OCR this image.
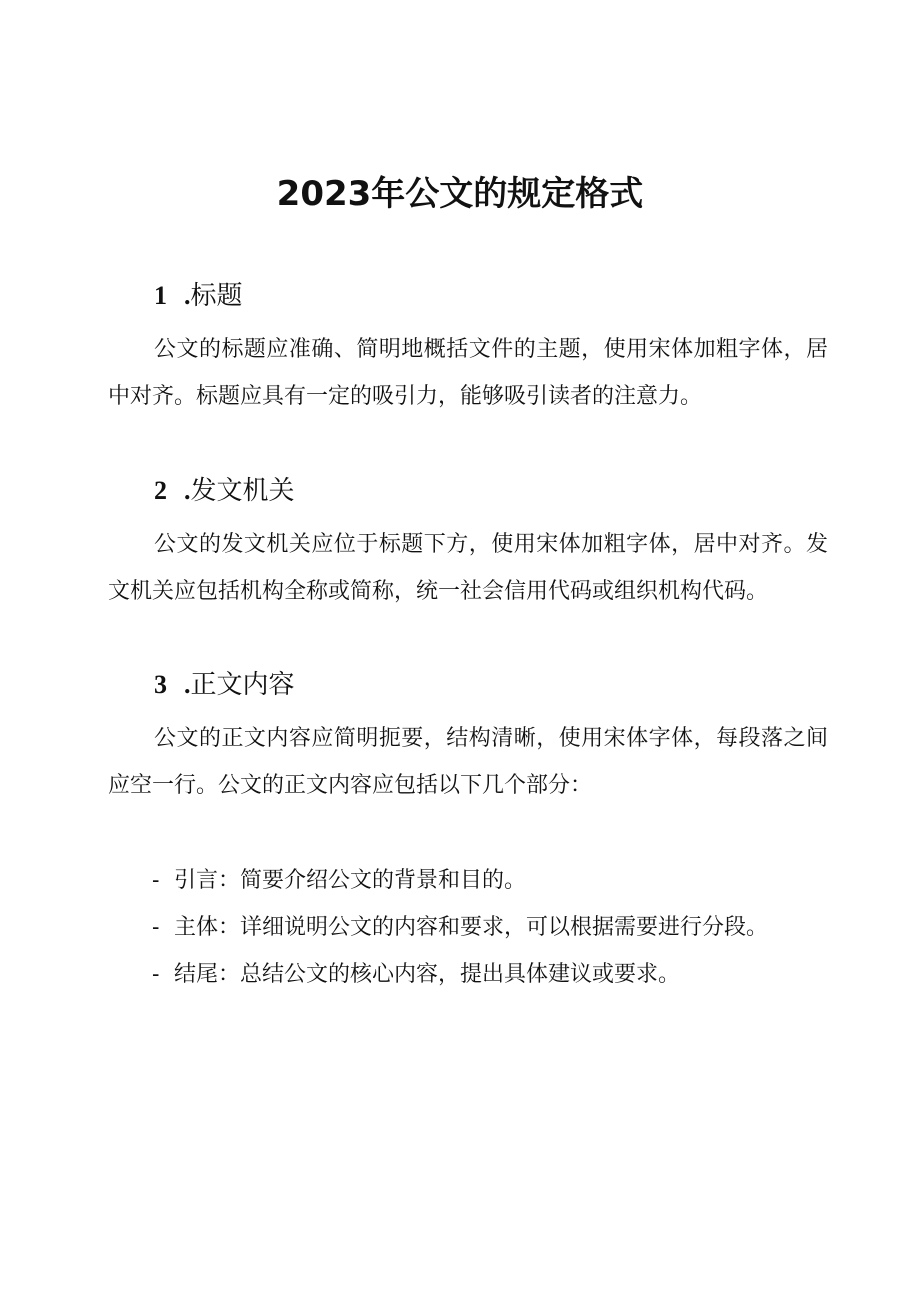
2023年公文的规定格式
1 .标题

公文的标题应准确、简明地概括文件的主题，使用宋体加粗字体，居中对齐。标题应具有一定的吸引力，能够吸引读者的注意力。

2 .发文机关

公文的发文机关应位于标题下方，使用宋体加粗字体，居中对齐。发文机关应包括机构全称或简称，统一社会信用代码或组织机构代码。

3 .正文内容

公文的正文内容应简明扼要，结构清晰，使用宋体字体，每段落之间应空一行。公文的正文内容应包括以下几个部分：

- 引言：简要介绍公文的背景和目的。
- 主体：详细说明公文的内容和要求，可以根据需要进行分段。
- 结尾：总结公文的核心内容，提出具体建议或要求。
